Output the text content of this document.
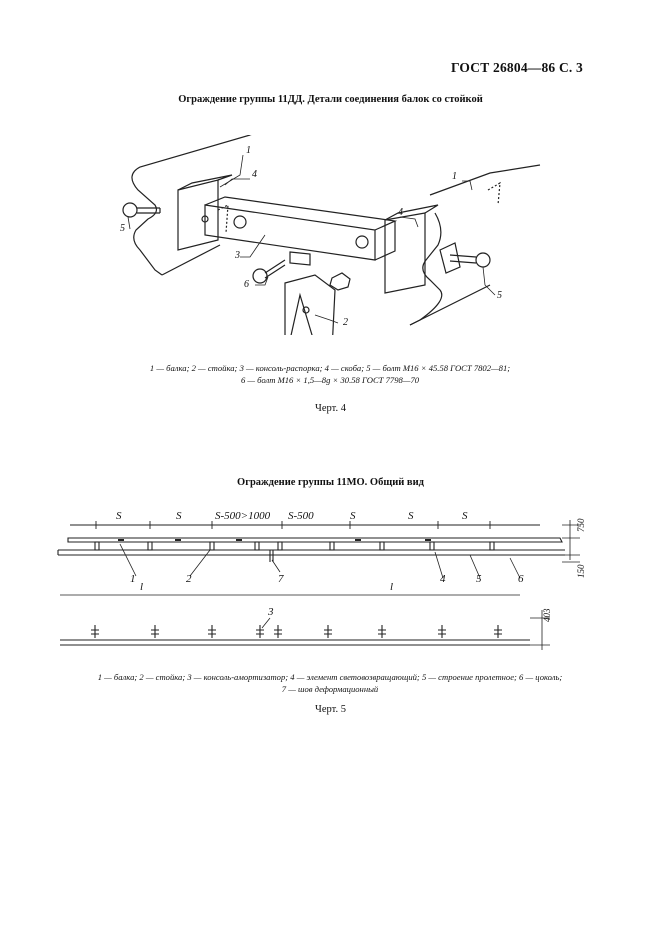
ГОСТ 26804—86 С. 3
Ограждение группы 11ДД. Детали соединения балок со стойкой
1
4
5
3
6
2
1
4
5
1 — балка; 2 — стойка; 3 — консоль-распорка; 4 — скоба; 5 — болт М16 × 45.58 ГОСТ 7802—81;
6 — болт М16 × 1,5—8g × 30.58 ГОСТ 7798—70
Черт. 4
Ограждение группы 11МО. Общий вид
S	S	S-500>1000 S-500	S	S	S
l	l
1	2	7	4	5	6
3
750
150
403
1 — балка; 2 — стойка; 3 — консоль-амортизатор; 4 — элемент световозвращающий; 5 — строение пролетное; 6 — цоколь;
7 — шов деформационный
Черт. 5
